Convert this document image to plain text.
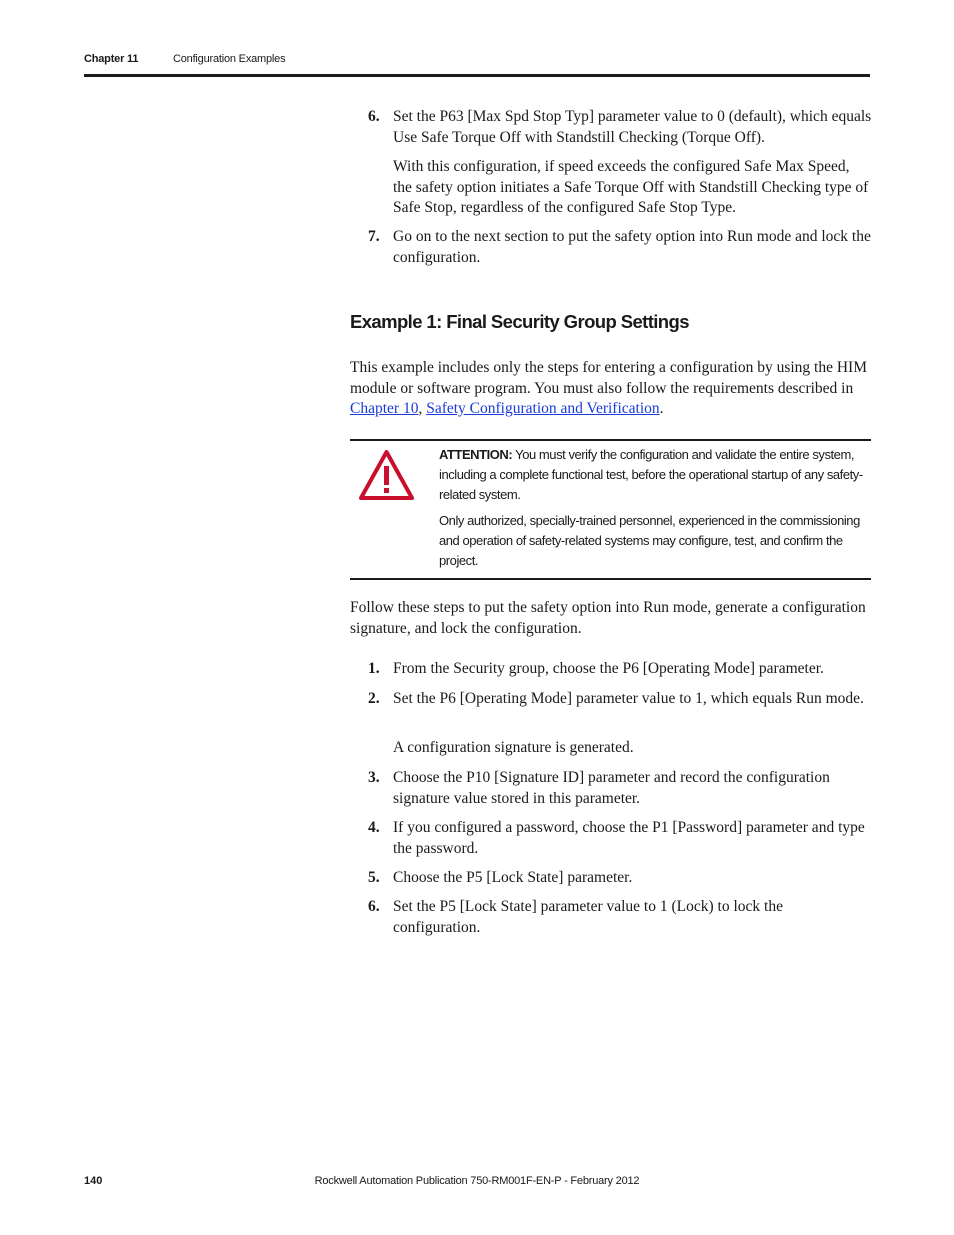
Chapter 11	Configuration Examples
6. Set the P63 [Max Spd Stop Typ] parameter value to 0 (default), which equals Use Safe Torque Off with Standstill Checking (Torque Off).
With this configuration, if speed exceeds the configured Safe Max Speed, the safety option initiates a Safe Torque Off with Standstill Checking type of Safe Stop, regardless of the configured Safe Stop Type.
7. Go on to the next section to put the safety option into Run mode and lock the configuration.
Example 1: Final Security Group Settings
This example includes only the steps for entering a configuration by using the HIM module or software program. You must also follow the requirements described in Chapter 10, Safety Configuration and Verification.
ATTENTION: You must verify the configuration and validate the entire system, including a complete functional test, before the operational startup of any safety-related system.
Only authorized, specially-trained personnel, experienced in the commissioning and operation of safety-related systems may configure, test, and confirm the project.
Follow these steps to put the safety option into Run mode, generate a configuration signature, and lock the configuration.
1. From the Security group, choose the P6 [Operating Mode] parameter.
2. Set the P6 [Operating Mode] parameter value to 1, which equals Run mode.
A configuration signature is generated.
3. Choose the P10 [Signature ID] parameter and record the configuration signature value stored in this parameter.
4. If you configured a password, choose the P1 [Password] parameter and type the password.
5. Choose the P5 [Lock State] parameter.
6. Set the P5 [Lock State] parameter value to 1 (Lock) to lock the configuration.
Rockwell Automation Publication 750-RM001F-EN-P - February 2012
140
